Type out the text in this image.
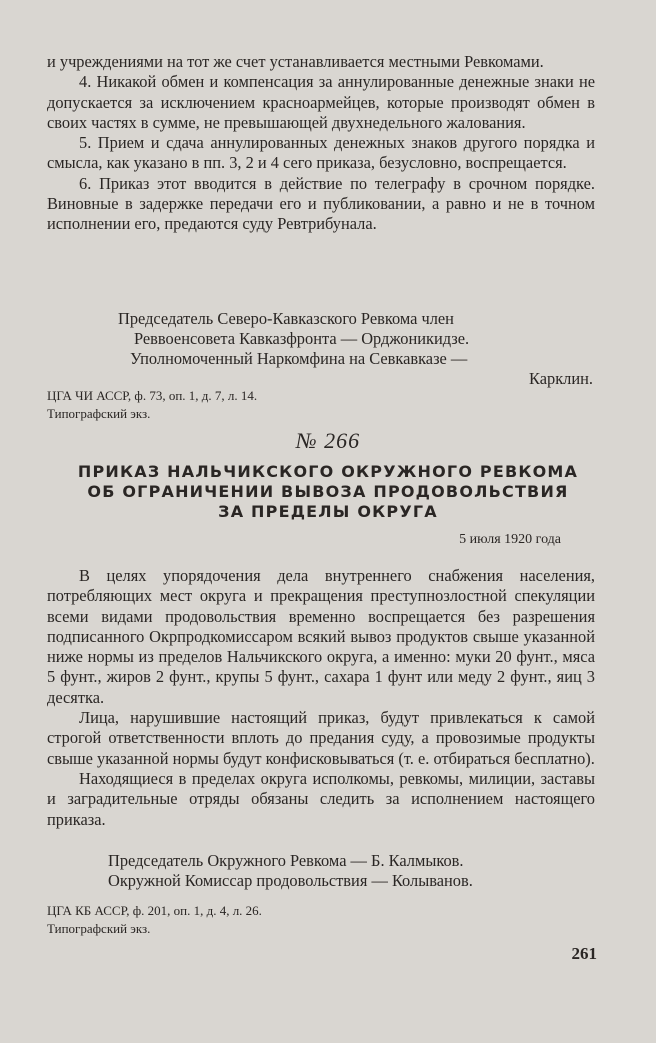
и учреждениями на тот же счет устанавливается местными Ревкомами.

4. Никакой обмен и компенсация за аннулированные денежные знаки не допускается за исключением красноармейцев, которые производят обмен в своих частях в сумме, не превышающей двухнедельного жалования.

5. Прием и сдача аннулированных денежных знаков другого порядка и смысла, как указано в пп. 3, 2 и 4 сего приказа, безусловно, воспрещается.

6. Приказ этот вводится в действие по телеграфу в срочном порядке. Виновные в задержке передачи его и публиковании, а равно и не в точном исполнении его, предаются суду Ревтрибунала.

Председатель Северо-Кавказского Ревкома член
Реввоенсовета Кавказфронта — Орджоникидзе.
Уполномоченный Наркомфина на Севкавказе —
Карклин.
ЦГА ЧИ АССР, ф. 73, оп. 1, д. 7, л. 14.
Типографский экз.
№ 266
ПРИКАЗ НАЛЬЧИКСКОГО ОКРУЖНОГО РЕВКОМА
ОБ ОГРАНИЧЕНИИ ВЫВОЗА ПРОДОВОЛЬСТВИЯ
ЗА ПРЕДЕЛЫ ОКРУГА
5 июля 1920 года

В целях упорядочения дела внутреннего снабжения населения, потребляющих мест округа и прекращения преступнозлостной спекуляции всеми видами продовольствия временно воспрещается без разрешения подписанного Окрпродкомиссаром всякий вывоз продуктов свыше указанной ниже нормы из пределов Нальчикского округа, а именно: муки 20 фунт., мяса 5 фунт., жиров 2 фунт., крупы 5 фунт., сахара 1 фунт или меду 2 фунт., яиц 3 десятка.

Лица, нарушившие настоящий приказ, будут привлекаться к самой строгой ответственности вплоть до предания суду, а провозимые продукты свыше указанной нормы будут конфисковываться (т. е. отбираться бесплатно).

Находящиеся в пределах округа исполкомы, ревкомы, милиции, заставы и заградительные отряды обязаны следить за исполнением настоящего приказа.

Председатель Окружного Ревкома — Б. Калмыков.
Окружной Комиссар продовольствия — Колыванов.
ЦГА КБ АССР, ф. 201, оп. 1, д. 4, л. 26.
Типографский экз.
261
